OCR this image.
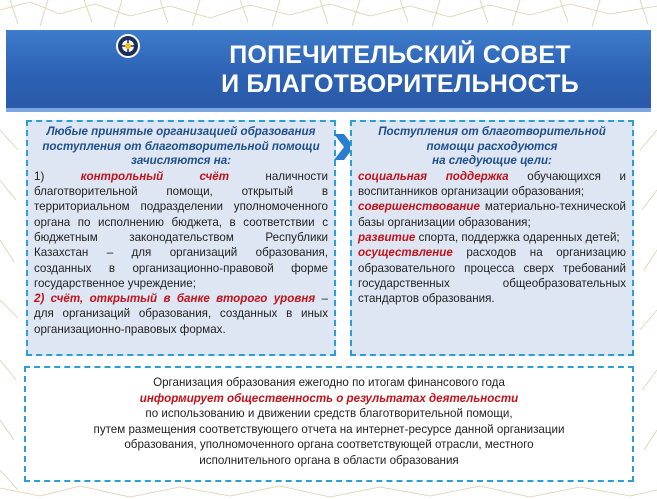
ПОПЕЧИТЕЛЬСКИЙ СОВЕТ
И БЛАГОТВОРИТЕЛЬНОСТЬ
Любые принятые организацией образования
поступления от благотворительной помощи
зачисляются на:
1)	контрольный счёт	наличности благотворительной помощи, открытый в территориальном подразделении уполномоченного органа по исполнению бюджета, в соответствии с бюджетным законодательством Республики Казахстан – для организаций образования, созданных в организационно-правовой форме государственное учреждение;
2) счёт, открытый в банке второго уровня – для организаций образования, созданных в иных организационно-правовых формах.
Поступления от благотворительной
помощи расходуются
на следующие цели:
социальная поддержка обучающихся и воспитанников организации образования;
совершенствование материально-технической базы организации образования;
развитие спорта, поддержка одаренных детей;
осуществление расходов на организацию образовательного процесса сверх требований государственных общеобразовательных стандартов образования.
Организация образования ежегодно по итогам финансового года
информирует общественность о результатах деятельности
по использованию и движении средств благотворительной помощи,
путем размещения соответствующего отчета на интернет-ресурсе данной организации
образования, уполномоченного органа соответствующей отрасли, местного
исполнительного органа в области образования
